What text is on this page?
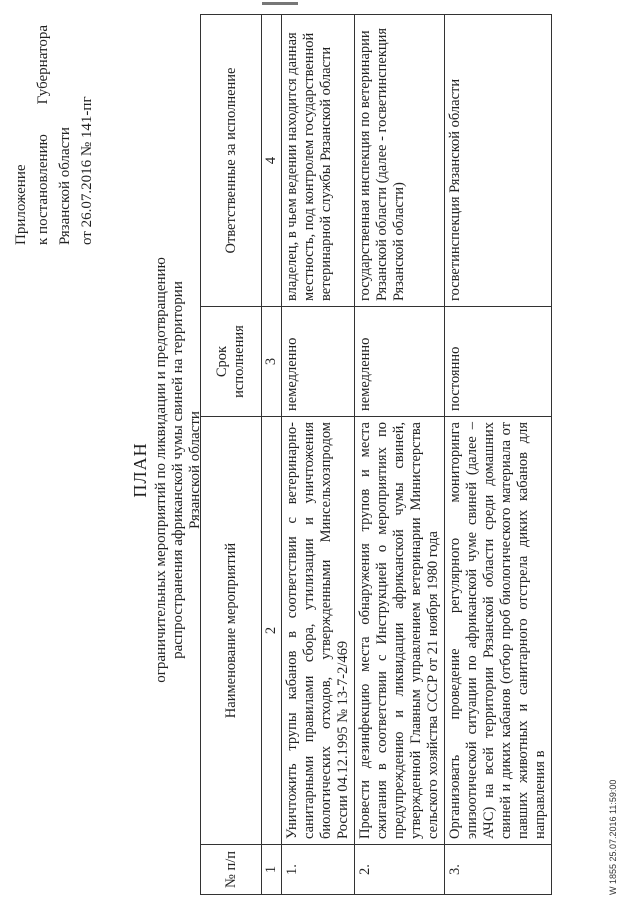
Приложение к постановлению
Губернатора
Рязанской области от 26.07.2016 № 141-пг
ПЛАН ограничительных мероприятий по ликвидации и предотвращению распространения африканской чумы свиней на территории Рязанской области
№ п/п	Наименование мероприятий	Срок исполнения	Ответственные за исполнение
1	2	3	4
1.	Уничтожить трупы кабанов в соответствии с ветеринарно-санитарными правилами сбора, утилизации и уничтожения биологических отходов, утвержденными Минсельхозпродом России 04.12.1995 № 13-7-2/469	немедленно	владелец, в чьем ведении находится данная местность, под контролем государственной ветеринарной службы Рязанской области
2.	Провести дезинфекцию места обнаружения трупов и места сжигания в соответствии с Инструкцией о мероприятиях по предупреждению и ликвидации африканской чумы свиней, утвержденной Главным управлением ветеринарии Министерства сельского хозяйства СССР от 21 ноября 1980 года	немедленно	государственная инспекция по ветеринарии Рязанской области (далее - госветинспекция Рязанской области)
3.	Организовать проведение регулярного мониторинга эпизоотической ситуации по африканской чуме свиней (далее – АЧС) на всей территории Рязанской области среди домашних свиней и диких кабанов (отбор проб биологического материала от павших животных и санитарного отстрела диких кабанов для направления в	постоянно	госветинспекция Рязанской области
W 1855 25.07.2016 11:59:00
